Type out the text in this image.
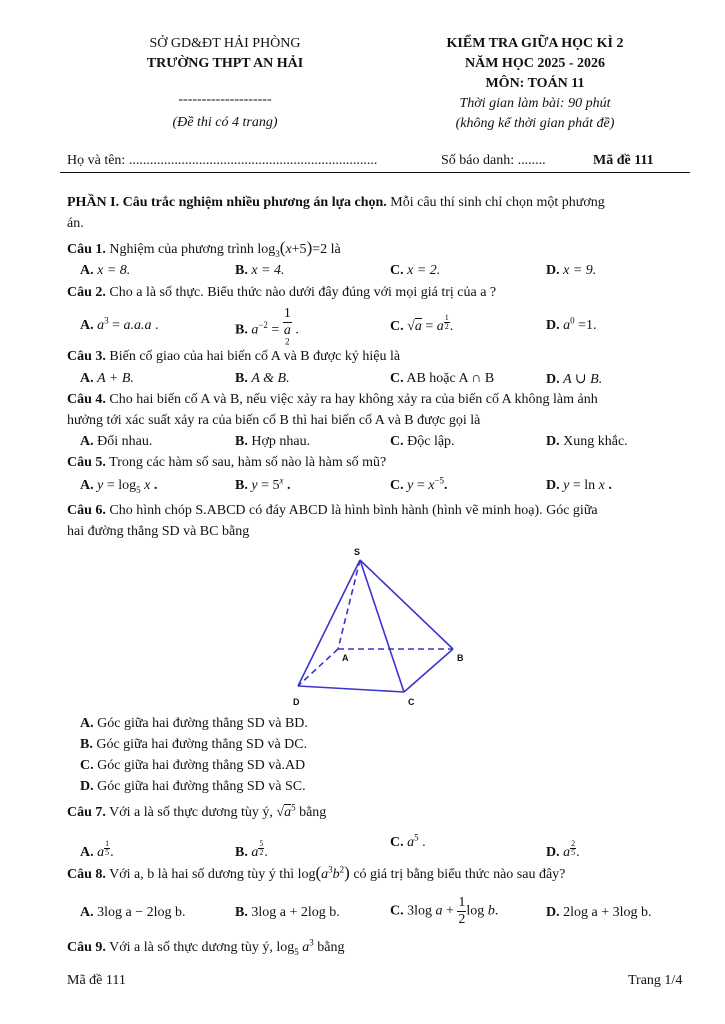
SỞ GD&ĐT HẢI PHÒNG
TRƯỜNG THPT AN HẢI
--------------------
(Đề thi có 4 trang)
KIỂM TRA GIỮA HỌC KÌ 2
NĂM HỌC 2025 - 2026
MÔN: TOÁN 11
Thời gian làm bài: 90 phút
(không kể thời gian phát đề)
Họ và tên: .......................................................................	Số báo danh: ........	Mã đề 111
PHẦN I. Câu trắc nghiệm nhiều phương án lựa chọn. Mỗi câu thí sinh chỉ chọn một phương
án.
Câu 1. Nghiệm của phương trình $\log_3(x+5)=2$ là
A. x = 8.	B. x = 4.	C. x = 2.	D. x = 9.
Câu 2. Cho a là số thực. Biểu thức nào dưới đây đúng với mọi giá trị của a ?
A. $a^3 = a.a.a$ .	B. $a^{-2} = 1$
a
$^2$ .	C. √a = a $^{\frac{1}{2}}$ .	D. $a^0 =1$.
Câu 3. Biến cố giao của hai biến cố A và B được ký hiệu là
A. A + B.	B. A & B.	C. AB hoặc A ∩ B	D. A ∪ B.
Câu 4. Cho hai biến cố A và B, nếu việc xảy ra hay không xảy ra của biến cố A không làm ảnh
hưởng tới xác suất xảy ra của biến cố B thì hai biến cố A và B được gọi là
A. Đối nhau.	B. Hợp nhau.	C. Độc lập.	D. Xung khắc.
Câu 5. Trong các hàm số sau, hàm số nào là hàm số mũ?
A. $y = \log_5 x$ .	B. $y = 5^x$ .	C. $y = x^{-5}$.	D. y = ln x .
Câu 6. Cho hình chóp S.ABCD có đáy ABCD là hình bình hành (hình vẽ minh hoạ). Góc giữa
hai đường thẳng SD và BC bằng
S
A	B
C
D
A. Góc giữa hai đường thẳng SD và BD.
B. Góc giữa hai đường thẳng SD và DC.
C. Góc giữa hai đường thẳng SD và.AD
D. Góc giữa hai đường thẳng SD và SC.
Câu 7. Với a là số thực dương tùy ý, $√a^5$ bằng
A. a $^{\frac{1}{5}}$ .	B. a $^{\frac{5}{2}}$ .
C. $a^5$ .
D. a $^{\frac{2}{5}}$ .
Câu 8. Với a, b là hai số dương tùy ý thì $\log(a^3b^2)$ có giá trị bằng biểu thức nào sau đây?
A. 3log a − 2log b.	B. 3log a + 2log b.	C. 3log $a + \frac{1}{2}$ log b.	D. 2log a + 3log b.
Câu 9. Với a là số thực dương tùy ý, $\log_5 a^3$ bằng
Mã đề 111	Trang 1/4
